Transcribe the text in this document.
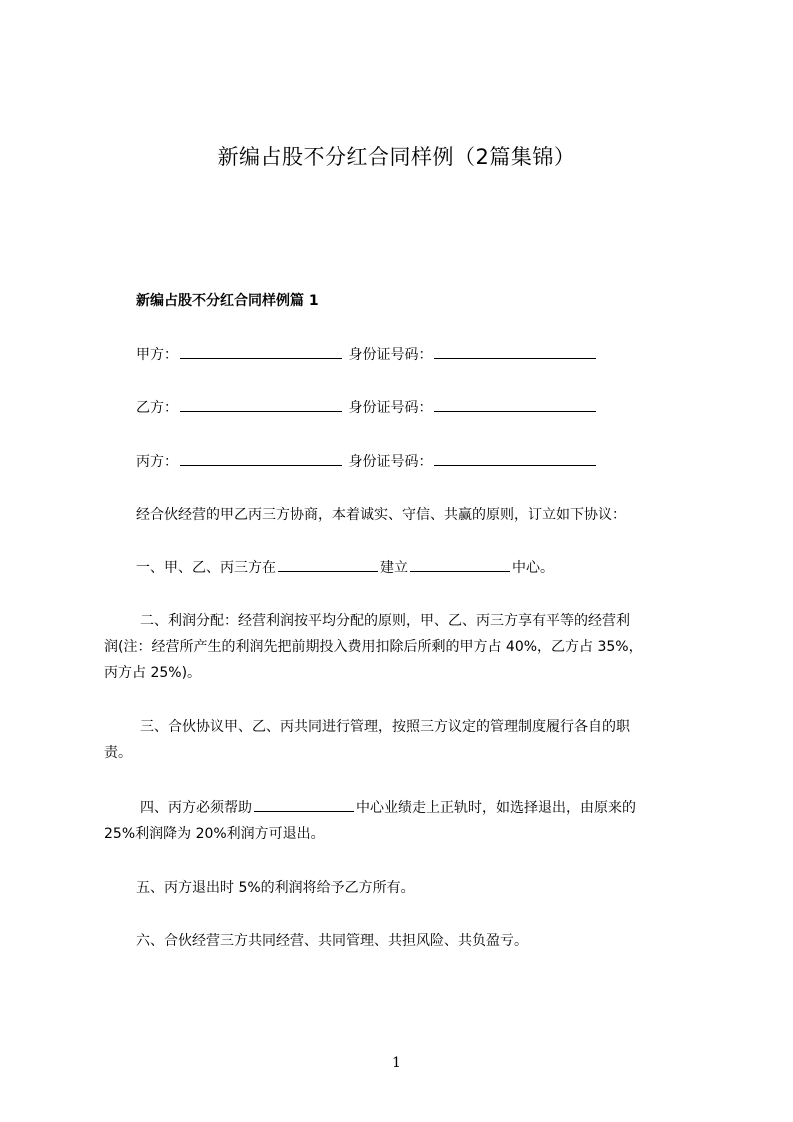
新编占股不分红合同样例（2篇集锦）
新编占股不分红合同样例篇 1
甲方：	身份证号码：
乙方：	身份证号码：
丙方：	身份证号码：
经合伙经营的甲乙丙三方协商，本着诚实、守信、共赢的原则，订立如下协议：
一、甲、乙、丙三方在	建立	中心。
二、利润分配：经营利润按平均分配的原则，甲、乙、丙三方享有平等的经营利
润(注：经营所产生的利润先把前期投入费用扣除后所剩的甲方占 40%，乙方占 35%，
丙方占 25%)。
三、合伙协议甲、乙、丙共同进行管理，按照三方议定的管理制度履行各自的职
责。
四、丙方必须帮助	中心业绩走上正轨时，如选择退出，由原来的
25%利润降为 20%利润方可退出。
五、丙方退出时 5%的利润将给予乙方所有。
六、合伙经营三方共同经营、共同管理、共担风险、共负盈亏。
1
